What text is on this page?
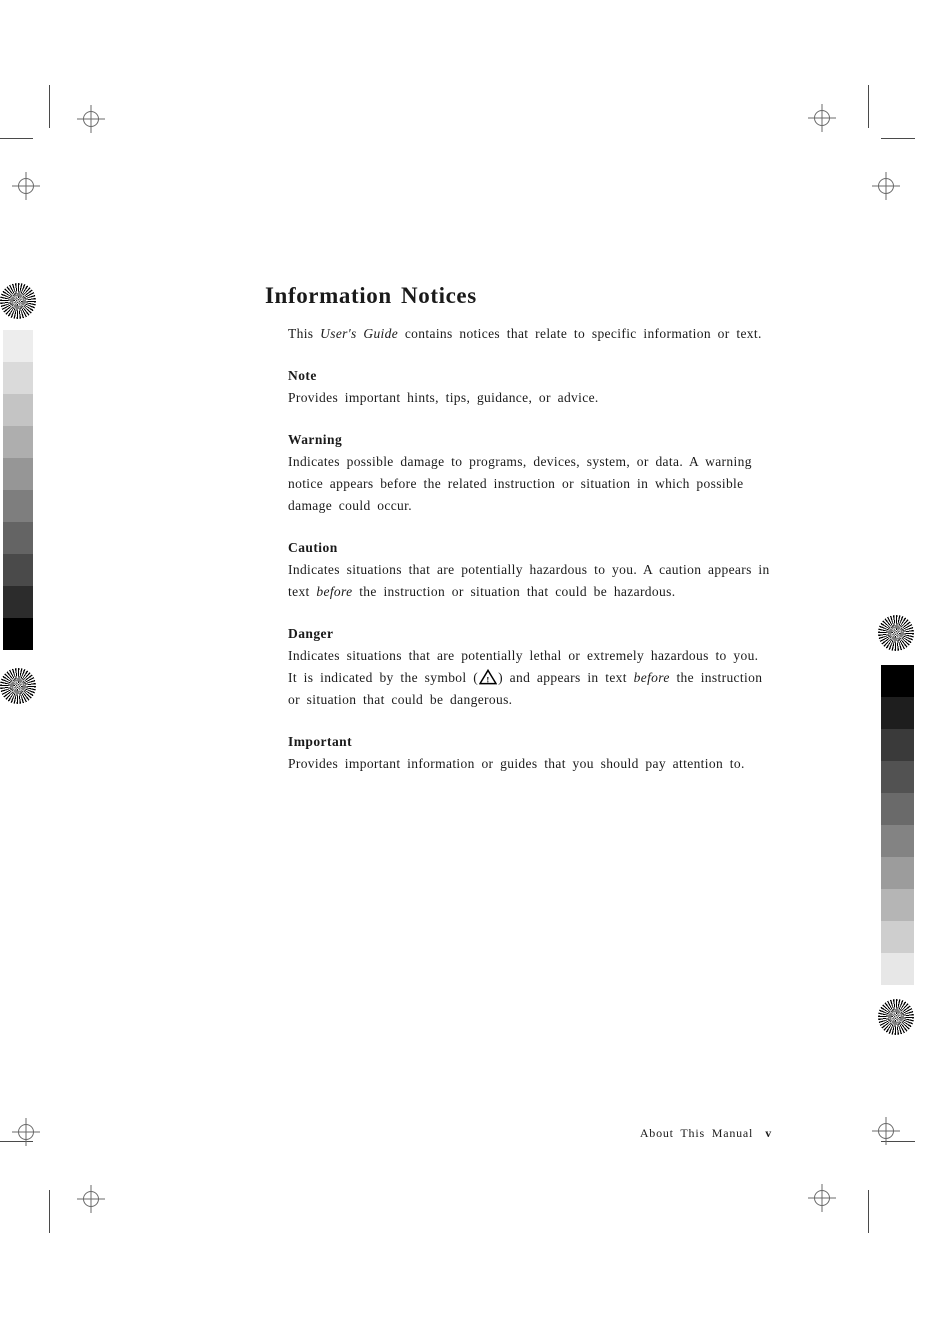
Information Notices

This User's Guide contains notices that relate to specific information or text.

Note

Provides important hints, tips, guidance, or advice.

Warning

Indicates possible damage to programs, devices, system, or data. A warning notice appears before the related instruction or situation in which possible damage could occur.

Caution

Indicates situations that are potentially hazardous to you. A caution appears in text before the instruction or situation that could be hazardous.

Danger

Indicates situations that are potentially lethal or extremely hazardous to you. It is indicated by the symbol ( ! ) and appears in text before the instruction or situation that could be dangerous.

Important

Provides important information or guides that you should pay attention to.

About This Manual v
